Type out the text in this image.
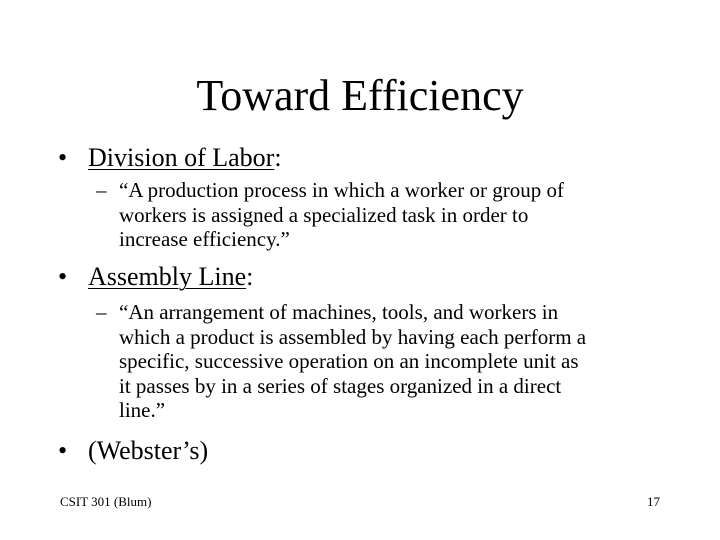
Toward Efficiency
• Division of Labor:
– “A production process in which a worker or group of
workers is assigned a specialized task in order to
increase efficiency.”
• Assembly Line:
– “An arrangement of machines, tools, and workers in
which a product is assembled by having each perform a
specific, successive operation on an incomplete unit as
it passes by in a series of stages organized in a direct
line.”
• (Webster’s)
CSIT 301 (Blum)	17
